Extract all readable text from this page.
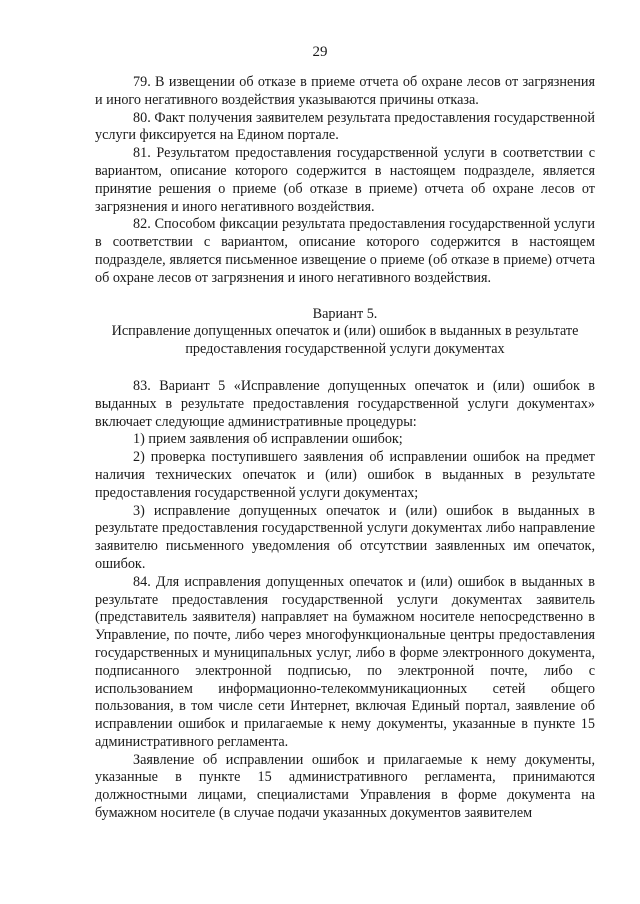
29

79. В извещении об отказе в приеме отчета об охране лесов от загрязнения и иного негативного воздействия указываются причины отказа.

80. Факт получения заявителем результата предоставления государственной услуги фиксируется на Едином портале.

81. Результатом предоставления государственной услуги в соответствии с вариантом, описание которого содержится в настоящем подразделе, является принятие решения о приеме (об отказе в приеме) отчета об охране лесов от загрязнения и иного негативного воздействия.

82. Способом фиксации результата предоставления государственной услуги в соответствии с вариантом, описание которого содержится в настоящем подразделе, является письменное извещение о приеме (об отказе в приеме) отчета об охране лесов от загрязнения и иного негативного воздействия.

Вариант 5.

Исправление допущенных опечаток и (или) ошибок в выданных в результате предоставления государственной услуги документах

83. Вариант 5 «Исправление допущенных опечаток и (или) ошибок в выданных в результате предоставления государственной услуги документах» включает следующие административные процедуры:

1) прием заявления об исправлении ошибок;

2) проверка поступившего заявления об исправлении ошибок на предмет наличия технических опечаток и (или) ошибок в выданных в результате предоставления государственной услуги документах;

3) исправление допущенных опечаток и (или) ошибок в выданных в результате предоставления государственной услуги документах либо направление заявителю письменного уведомления об отсутствии заявленных им опечаток, ошибок.

84. Для исправления допущенных опечаток и (или) ошибок в выданных в результате предоставления государственной услуги документах заявитель (представитель заявителя) направляет на бумажном носителе непосредственно в Управление, по почте, либо через многофункциональные центры предоставления государственных и муниципальных услуг, либо в форме электронного документа, подписанного электронной подписью, по электронной почте, либо с использованием информационно-телекоммуникационных сетей общего пользования, в том числе сети Интернет, включая Единый портал, заявление об исправлении ошибок и прилагаемые к нему документы, указанные в пункте 15 административного регламента.

Заявление об исправлении ошибок и прилагаемые к нему документы, указанные в пункте 15 административного регламента, принимаются должностными лицами, специалистами Управления в форме документа на бумажном носителе (в случае подачи указанных документов заявителем
